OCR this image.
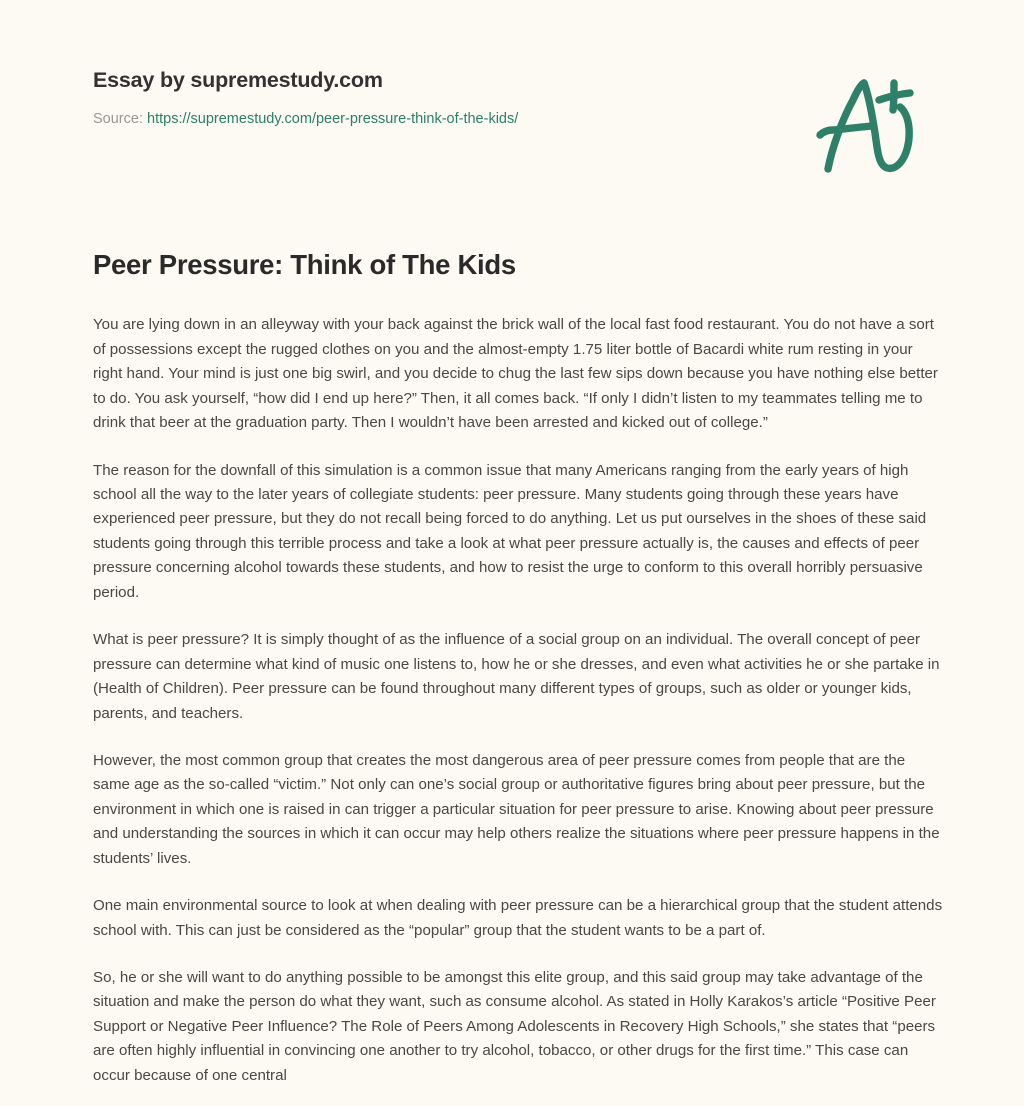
Essay by supremestudy.com
Source: https://supremestudy.com/peer-pressure-think-of-the-kids/
Peer Pressure: Think of The Kids

You are lying down in an alleyway with your back against the brick wall of the local fast food restaurant. You do not have a sort of possessions except the rugged clothes on you and the almost-empty 1.75 liter bottle of Bacardi white rum resting in your right hand. Your mind is just one big swirl, and you decide to chug the last few sips down because you have nothing else better to do. You ask yourself, “how did I end up here?” Then, it all comes back. “If only I didn’t listen to my teammates telling me to drink that beer at the graduation party. Then I wouldn’t have been arrested and kicked out of college.”

The reason for the downfall of this simulation is a common issue that many Americans ranging from the early years of high school all the way to the later years of collegiate students: peer pressure. Many students going through these years have experienced peer pressure, but they do not recall being forced to do anything. Let us put ourselves in the shoes of these said students going through this terrible process and take a look at what peer pressure actually is, the causes and effects of peer pressure concerning alcohol towards these students, and how to resist the urge to conform to this overall horribly persuasive period.

What is peer pressure? It is simply thought of as the influence of a social group on an individual. The overall concept of peer pressure can determine what kind of music one listens to, how he or she dresses, and even what activities he or she partake in (Health of Children). Peer pressure can be found throughout many different types of groups, such as older or younger kids, parents, and teachers.

However, the most common group that creates the most dangerous area of peer pressure comes from people that are the same age as the so-called “victim.” Not only can one’s social group or authoritative figures bring about peer pressure, but the environment in which one is raised in can trigger a particular situation for peer pressure to arise. Knowing about peer pressure and understanding the sources in which it can occur may help others realize the situations where peer pressure happens in the students’ lives.

One main environmental source to look at when dealing with peer pressure can be a hierarchical group that the student attends school with. This can just be considered as the “popular” group that the student wants to be a part of.

So, he or she will want to do anything possible to be amongst this elite group, and this said group may take advantage of the situation and make the person do what they want, such as consume alcohol. As stated in Holly Karakos’s article “Positive Peer Support or Negative Peer Influence? The Role of Peers Among Adolescents in Recovery High Schools,” she states that “peers are often highly influential in convincing one another to try alcohol, tobacco, or other drugs for the first time.” This case can occur because of one central
